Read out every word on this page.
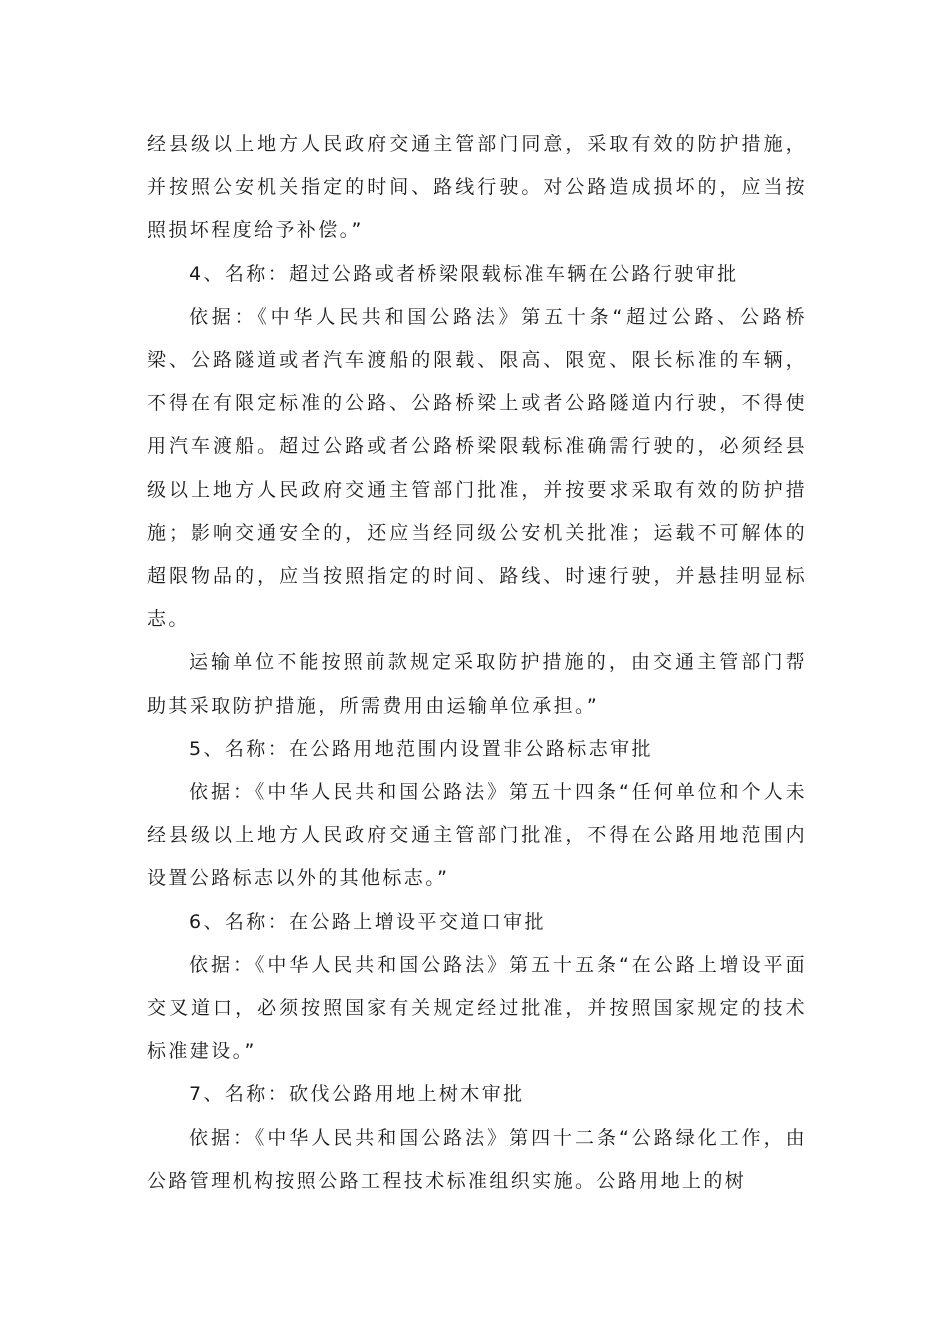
经县级以上地方人民政府交通主管部门同意，采取有效的防护措施，并按照公安机关指定的时间、路线行驶。对公路造成损坏的，应当按照损坏程度给予补偿。”

4、名称：超过公路或者桥梁限载标准车辆在公路行驶审批

依据：《中华人民共和国公路法》第五十条“超过公路、公路桥梁、公路隧道或者汽车渡船的限载、限高、限宽、限长标准的车辆，不得在有限定标准的公路、公路桥梁上或者公路隧道内行驶，不得使用汽车渡船。超过公路或者公路桥梁限载标准确需行驶的，必须经县级以上地方人民政府交通主管部门批准，并按要求采取有效的防护措施；影响交通安全的，还应当经同级公安机关批准；运载不可解体的超限物品的，应当按照指定的时间、路线、时速行驶，并悬挂明显标志。

运输单位不能按照前款规定采取防护措施的，由交通主管部门帮助其采取防护措施，所需费用由运输单位承担。”

5、名称：在公路用地范围内设置非公路标志审批

依据：《中华人民共和国公路法》第五十四条“任何单位和个人未经县级以上地方人民政府交通主管部门批准，不得在公路用地范围内设置公路标志以外的其他标志。”

6、名称：在公路上增设平交道口审批

依据：《中华人民共和国公路法》第五十五条“在公路上增设平面交叉道口，必须按照国家有关规定经过批准，并按照国家规定的技术标准建设。”

7、名称：砍伐公路用地上树木审批

依据：《中华人民共和国公路法》第四十二条“公路绿化工作，由公路管理机构按照公路工程技术标准组织实施。公路用地上的树
